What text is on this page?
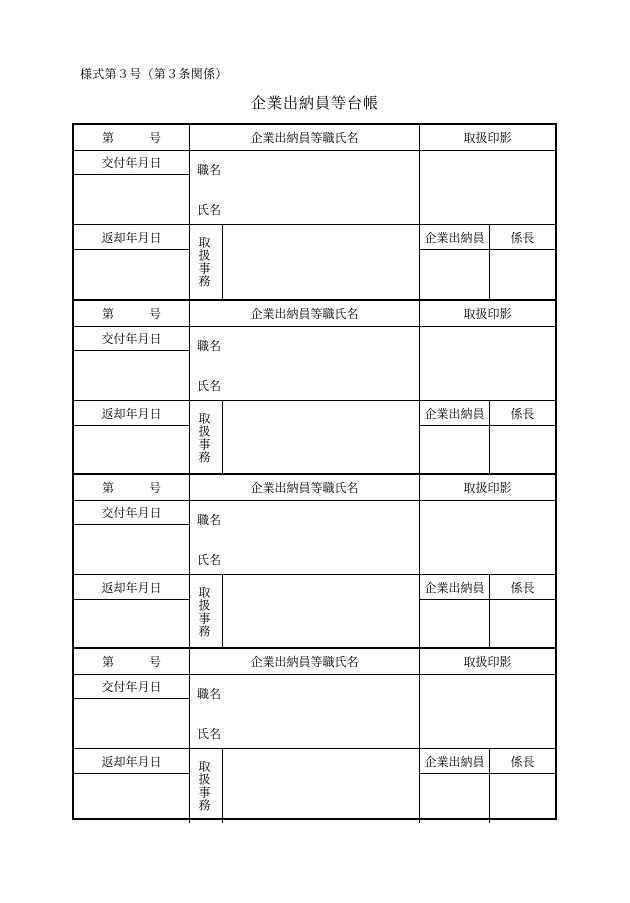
様式第３号（第３条関係）
企業出納員等台帳
第	号	企業出納員等職氏名	取扱印影
交付年月日	職名
氏名
返却年月日	取扱事務	企業出納員	係長
第	号	企業出納員等職氏名	取扱印影
交付年月日	職名
氏名
返却年月日	取扱事務	企業出納員	係長
第	号	企業出納員等職氏名	取扱印影
交付年月日	職名
氏名
返却年月日	取扱事務	企業出納員	係長
第	号	企業出納員等職氏名	取扱印影
交付年月日	職名
氏名
返却年月日	取扱事務	企業出納員	係長
